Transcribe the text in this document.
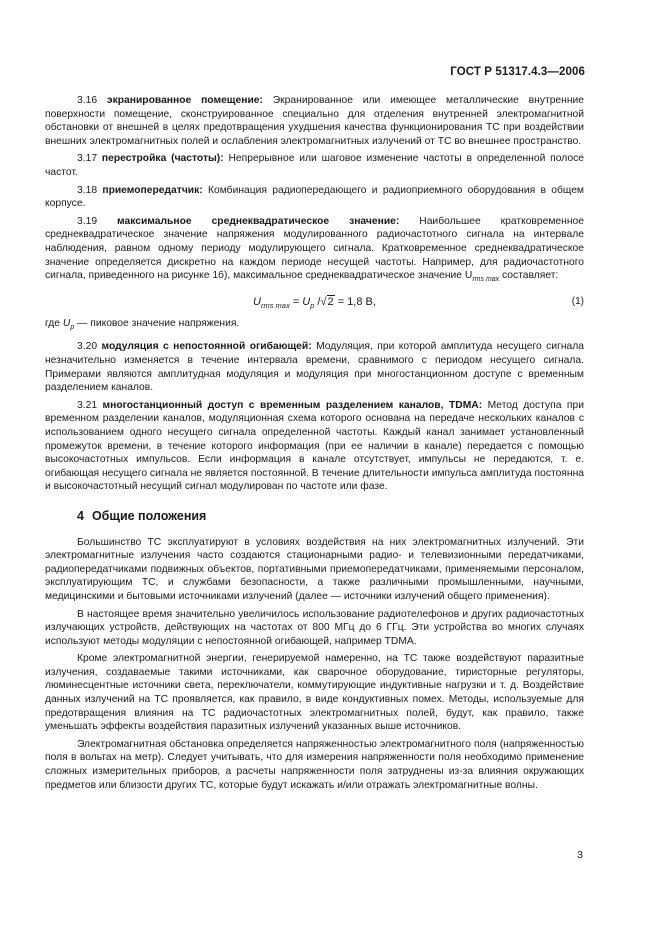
ГОСТ Р 51317.4.3—2006

3.16 экранированное помещение: Экранированное или имеющее металлические внутренние поверхности помещение, сконструированное специально для отделения внутренней электромагнитной обстановки от внешней в целях предотвращения ухудшения качества функционирования ТС при воздействии внешних электромагнитных полей и ослабления электромагнитных излучений от ТС во внешнее пространство.

3.17 перестройка (частоты): Непрерывное или шаговое изменение частоты в определенной полосе частот.

3.18 приемопередатчик: Комбинация радиопередающего и радиоприемного оборудования в общем корпусе.

3.19 максимальное среднеквадратическое значение: Наибольшее кратковременное среднеквадратическое значение напряжения модулированного радиочастотного сигнала на интервале наблюдения, равном одному периоду модулирующего сигнала. Кратковременное среднеквадратическое значение определяется дискретно на каждом периоде несущей частоты. Например, для радиочастотного сигнала, приведенного на рисунке 1б), максимальное среднеквадратическое значение $U_{rms max}$ составляет:

$U_{rms max} = U_p$ /√2 = 1,8 В,	(1)

где $U_p$ — пиковое значение напряжения.

3.20 модуляция с непостоянной огибающей: Модуляция, при которой амплитуда несущего сигнала незначительно изменяется в течение интервала времени, сравнимого с периодом несущего сигнала. Примерами являются амплитудная модуляция и модуляция при многостанционном доступе с временным разделением каналов.

3.21 многостанционный доступ с временным разделением каналов, TDMA: Метод доступа при временном разделении каналов, модуляционная схема которого основана на передаче нескольких каналов с использованием одного несущего сигнала определенной частоты. Каждый канал занимает установленный промежуток времени, в течение которого информация (при ее наличии в канале) передается с помощью высокочастотных импульсов. Если информация в канале отсутствует, импульсы не передаются, т. е. огибающая несущего сигнала не является постоянной. В течение длительности импульса амплитуда постоянна и высокочастотный несущий сигнал модулирован по частоте или фазе.

4 Общие положения

Большинство ТС эксплуатируют в условиях воздействия на них электромагнитных излучений. Эти электромагнитные излучения часто создаются стационарными радио- и телевизионными передатчиками, радиопередатчиками подвижных объектов, портативными приемопередатчиками, применяемыми персоналом, эксплуатирующим ТС, и службами безопасности, а также различными промышленными, научными, медицинскими и бытовыми источниками излучений (далее — источники излучений общего применения).

В настоящее время значительно увеличилось использование радиотелефонов и других радиочастотных излучающих устройств, действующих на частотах от 800 МГц до 6 ГГц. Эти устройства во многих случаях используют методы модуляции с непостоянной огибающей, например TDMA.

Кроме электромагнитной энергии, генерируемой намеренно, на ТС также воздействуют паразитные излучения, создаваемые такими источниками, как сварочное оборудование, тиристорные регуляторы, люминесцентные источники света, переключатели, коммутирующие индуктивные нагрузки и т. д. Воздействие данных излучений на ТС проявляется, как правило, в виде кондуктивных помех. Методы, используемые для предотвращения влияния на ТС радиочастотных электромагнитных полей, будут, как правило, также уменьшать эффекты воздействия паразитных излучений указанных выше источников.

Электромагнитная обстановка определяется напряженностью электромагнитного поля (напряженностью поля в вольтах на метр). Следует учитывать, что для измерения напряженности поля необходимо применение сложных измерительных приборов, а расчеты напряженности поля затруднены из-за влияния окружающих предметов или близости других ТС, которые будут искажать и/или отражать электромагнитные волны.

3
